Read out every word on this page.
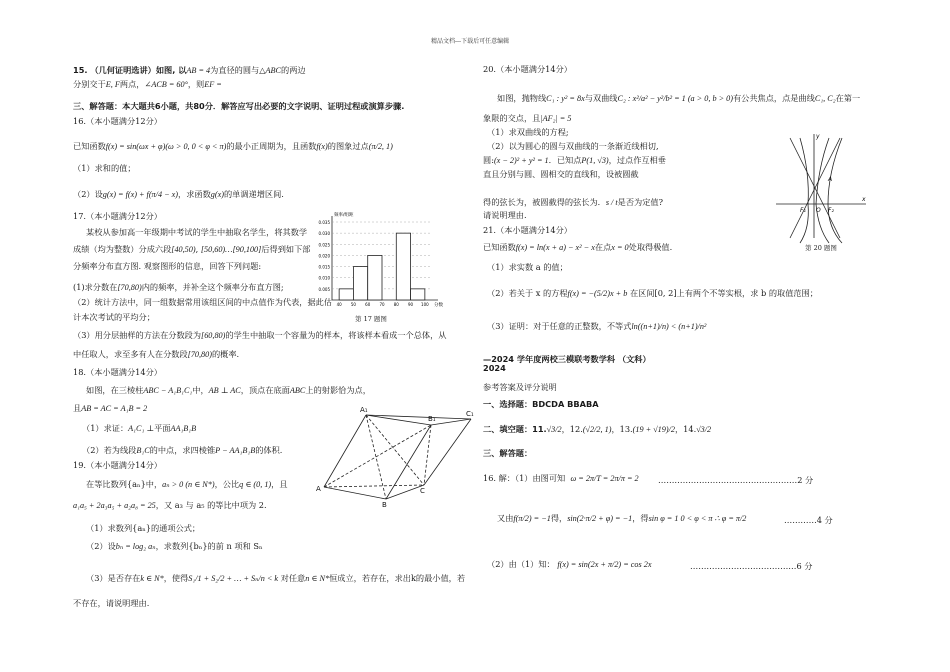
精品文档---下载后可任意编辑
15. （几何证明选讲）如图, 以AB = 4为直径的圆与△ABC的两边
分别交于E, F两点，∠ACB = 60°，则EF =
三、解答题：本大题共6小题，共80分．解答应写出必要的文字说明、证明过程或演算步骤.
16.（本小题满分12分）
已知函数f(x) = sin(ωx + φ)(ω > 0, 0 < φ < π)的最小正周期为，且函数f(x)的图象过点(π/2, 1)
（1）求和的值；
（2）设g(x) = f(x) + f(π/4 − x)，求函数g(x)的单调递增区间.
17.（本小题满分12分）
某校从参加高一年级期中考试的学生中抽取名学生，将其数学
成绩（均为整数）分成六段[40,50), [50,60)…[90,100]后得到如下部
分频率分布直方图. 观察图形的信息，回答下列问题:
(1)求分数在[70,80)内的频率，并补全这个频率分布直方图;
（2）统计方法中，同一组数据常用该组区间的中点值作为代表，据此估
计本次考试的平均分；
（3）用分层抽样的方法在分数段为[60,80)的学生中抽取一个容量为的样本，将该样本看成一个总体，从
中任取人，求至多有人在分数段[70,80)的概率.
18.（本小题满分14分）
如图，在三棱柱ABC − A₁B₁C₁中，AB ⊥ AC，顶点在底面ABC上的射影恰为点，
且AB = AC = A₁B = 2
（1）求证：A₁C₁ ⊥平面AA₁B₁B
（2）若为线段B₁C的中点，求四棱锥P − AA₁B₁B的体积.
19.（本小题满分14分）
在等比数列{aₙ}中，aₙ > 0 (n ∈ N*)，公比q ∈ (0, 1)，且
a₁a₅ + 2a₃a₅ + a₂a₈ = 25，又 a₃ 与 a₅ 的等比中项为 2.
（1）求数列{aₙ}的通项公式；
（2）设bₙ = log₂ aₙ，求数列{bₙ}的前 n 项和 Sₙ
（3）是否存在k ∈ N*，使得S₁/1 + S₂/2 + … + Sₙ/n < k 对任意n ∈ N*恒成立，若存在，求出k的最小值，若
不存在，请说明理由.
0.035
0.030
0.025
0.020
0.015
0.010
0.005
40 50 60 70 80 90 100
频率/组距
分数
第 17 题图
A₁
B₁
C₁
A
B
C
20.（本小题满分14分）
如图，抛物线C₁ : y² = 8x与双曲线C₂ : x²/a² − y²/b² = 1 (a > 0, b > 0)有公共焦点，点是曲线C₁, C₂在第一
象限的交点，且|AF₂| = 5
（1）求双曲线的方程;
（2）以为圆心的圆与双曲线的一条渐近线相切,
圆:(x − 2)² + y² = 1．已知点P(1, √3)，过点作互相垂
直且分别与圆、圆相交的直线和，设被圆截
得的弦长为，被圆截得的弦长为．s / t是否为定值?
请说明理由.
y
x
A
O
F₁	F₂
第 20 题图
21.（本小题满分14分）
已知函数f(x) = ln(x + a) − x² − x在点x = 0处取得极值.
（1）求实数 a 的值；
（2）若关于 x 的方程f(x) = −(5/2)x + b 在区间[0, 2]上有两个不等实根，求 b 的取值范围；
（3）证明：对于任意的正整数，不等式ln((n+1)/n) < (n+1)/n²
—2024 学年度两校三模联考数学科 （文科）
2024
参考答案及评分说明
一、选择题：BDCDA BBABA
二、填空题：11.√3/2，12.(√2/2, 1)，13.(19 + √19)/2，14.√3/2
三、解答题：
16. 解：（1）由图可知 ω = 2π/T = 2π/π = 2 ……………………………………………2 分
又由f(π/2) = −1得，sin(2·π/2 + φ) = −1，得sin φ = 1 0 < φ < π ∴ φ = π/2	…………4 分
（2）由（1）知： f(x) = sin(2x + π/2) = cos 2x	…………………………………6 分
